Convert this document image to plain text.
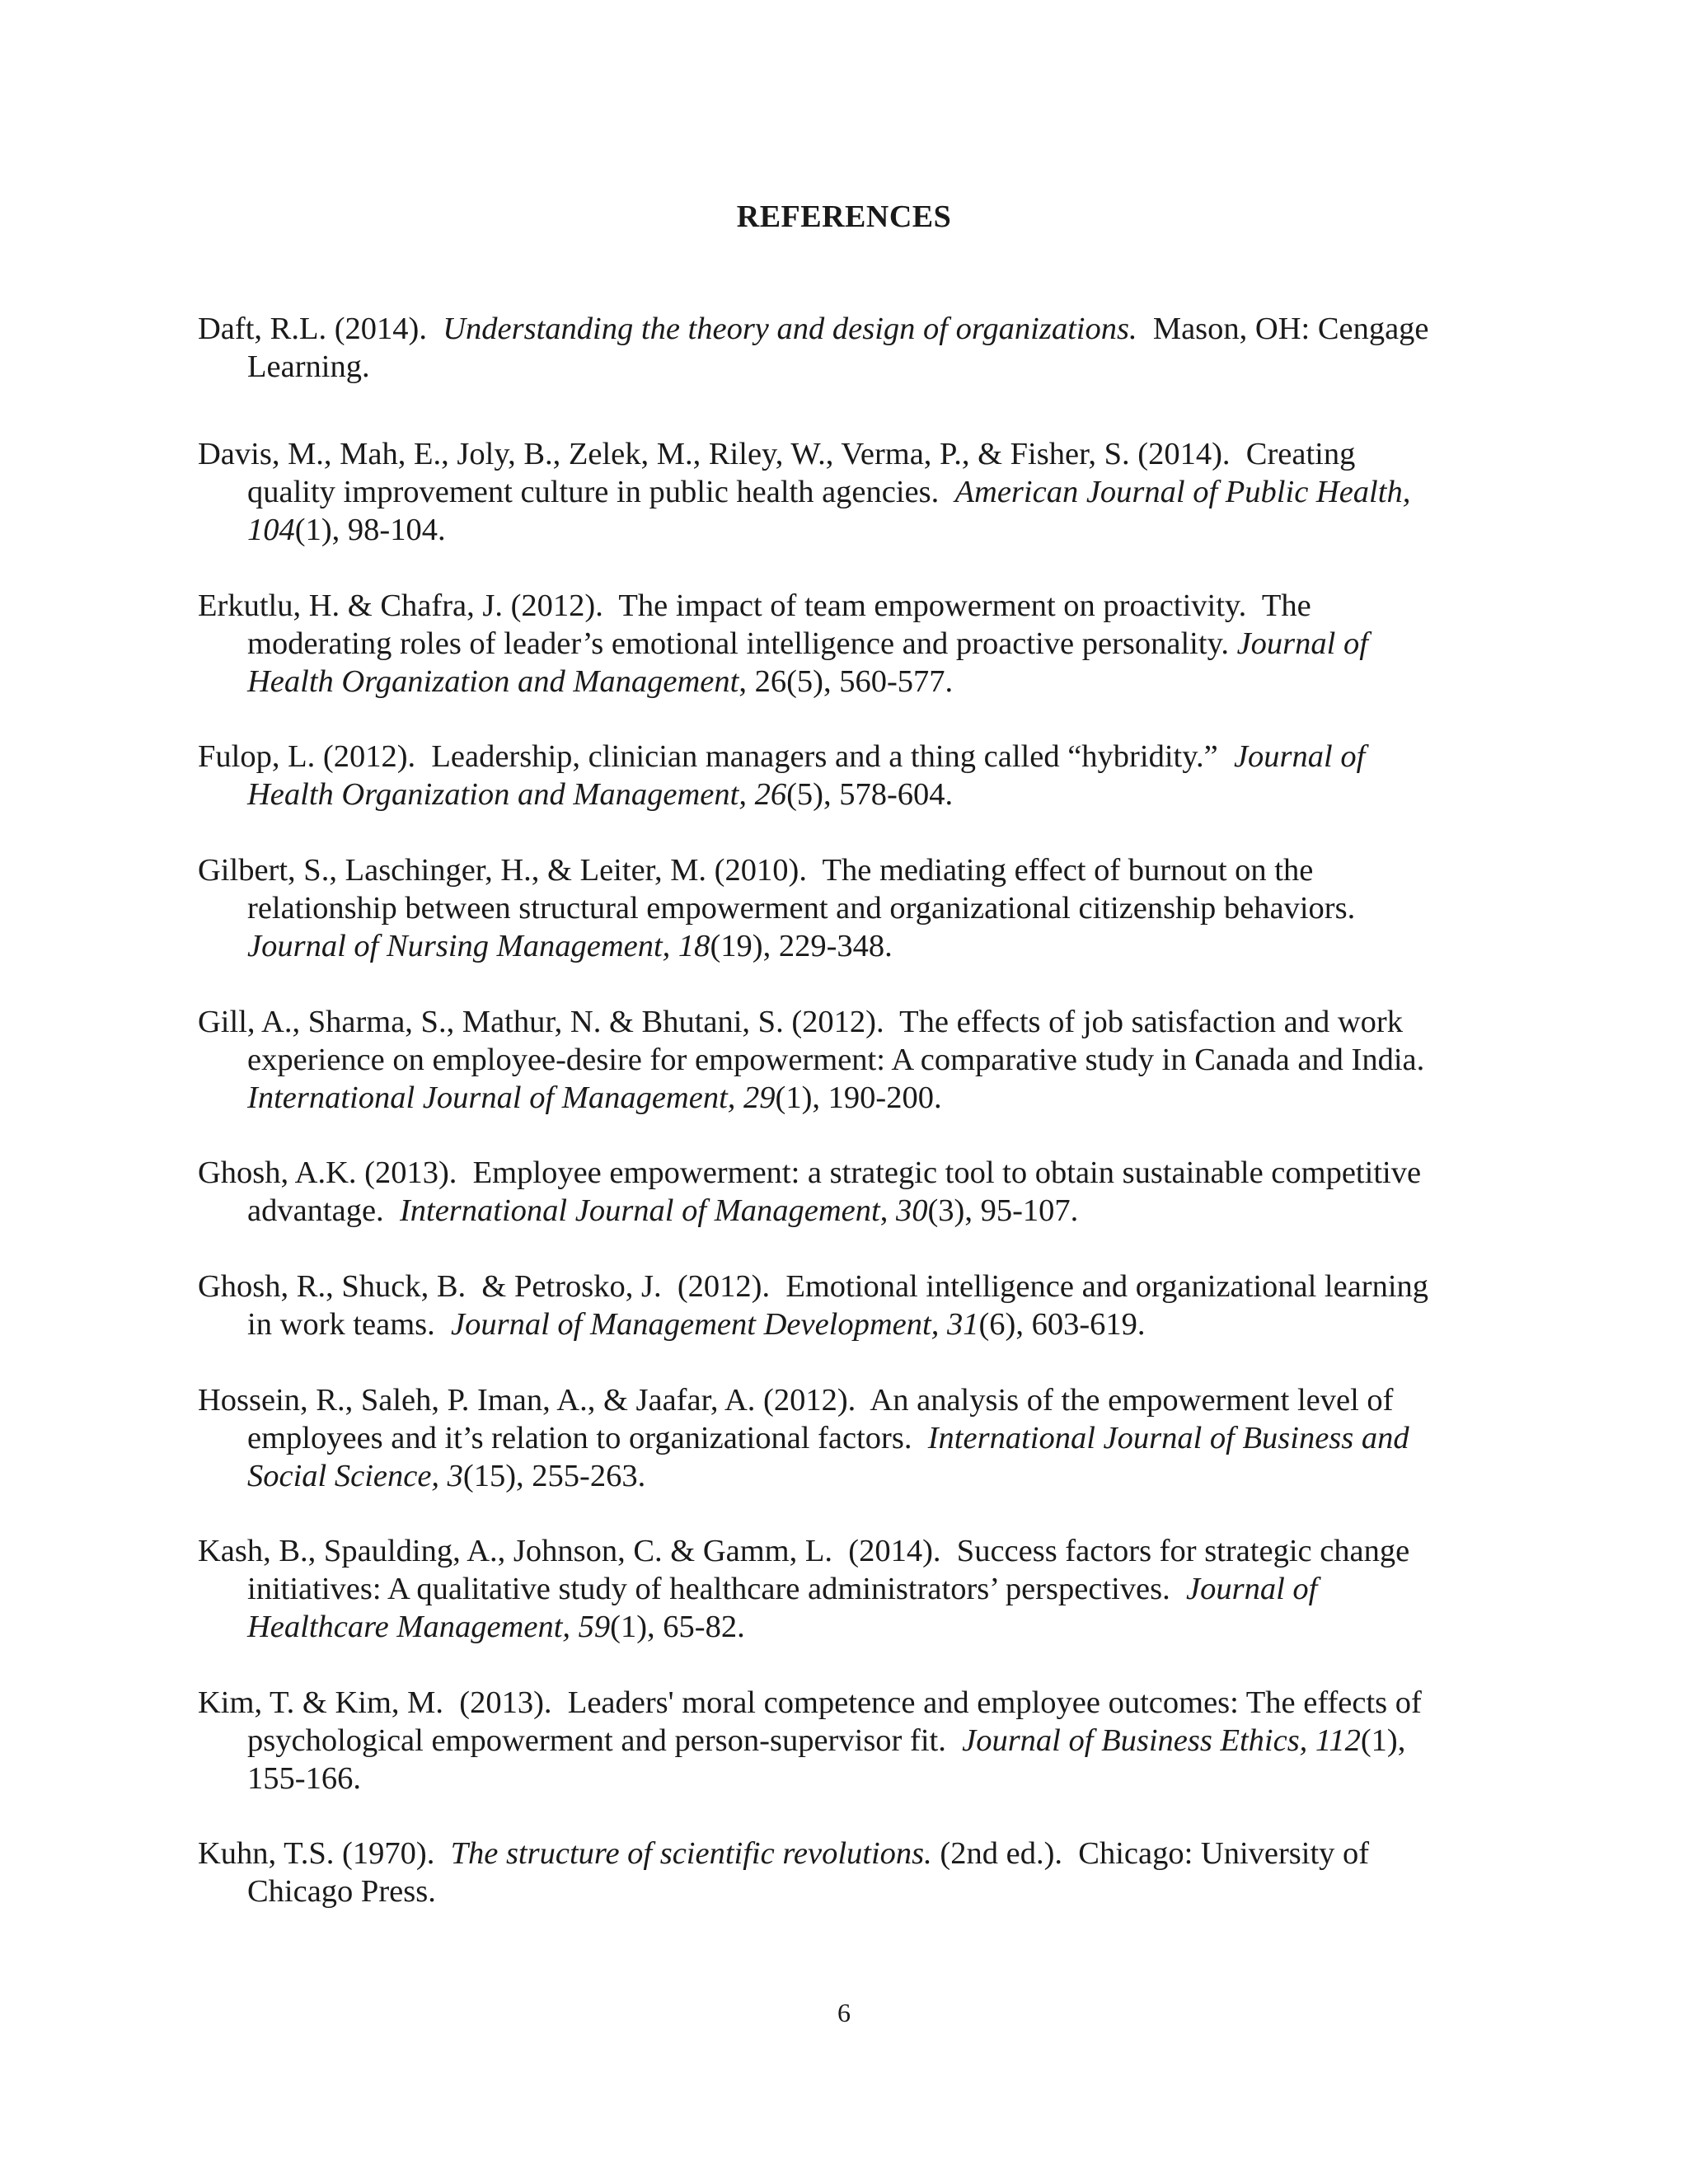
REFERENCES
Daft, R.L. (2014).  Understanding the theory and design of organizations.  Mason, OH: Cengage
Learning.
Davis, M., Mah, E., Joly, B., Zelek, M., Riley, W., Verma, P., & Fisher, S. (2014).  Creating
quality improvement culture in public health agencies.  American Journal of Public Health,
104(1), 98-104.
Erkutlu, H. & Chafra, J. (2012).  The impact of team empowerment on proactivity.  The
moderating roles of leader’s emotional intelligence and proactive personality. Journal of
Health Organization and Management, 26(5), 560-577.
Fulop, L. (2012).  Leadership, clinician managers and a thing called “hybridity.”  Journal of
Health Organization and Management, 26(5), 578-604.
Gilbert, S., Laschinger, H., & Leiter, M. (2010).  The mediating effect of burnout on the
relationship between structural empowerment and organizational citizenship behaviors.
Journal of Nursing Management, 18(19), 229-348.
Gill, A., Sharma, S., Mathur, N. & Bhutani, S. (2012).  The effects of job satisfaction and work
experience on employee-desire for empowerment: A comparative study in Canada and India.
International Journal of Management, 29(1), 190-200.
Ghosh, A.K. (2013).  Employee empowerment: a strategic tool to obtain sustainable competitive
advantage.  International Journal of Management, 30(3), 95-107.
Ghosh, R., Shuck, B.  & Petrosko, J.  (2012).  Emotional intelligence and organizational learning
in work teams.  Journal of Management Development, 31(6), 603-619.
Hossein, R., Saleh, P. Iman, A., & Jaafar, A. (2012).  An analysis of the empowerment level of
employees and it’s relation to organizational factors.  International Journal of Business and
Social Science, 3(15), 255-263.
Kash, B., Spaulding, A., Johnson, C. & Gamm, L.  (2014).  Success factors for strategic change
initiatives: A qualitative study of healthcare administrators’ perspectives.  Journal of
Healthcare Management, 59(1), 65-82.
Kim, T. & Kim, M.  (2013).  Leaders' moral competence and employee outcomes: The effects of
psychological empowerment and person-supervisor fit.  Journal of Business Ethics, 112(1),
155-166.
Kuhn, T.S. (1970).  The structure of scientific revolutions. (2nd ed.).  Chicago: University of
Chicago Press.
6
